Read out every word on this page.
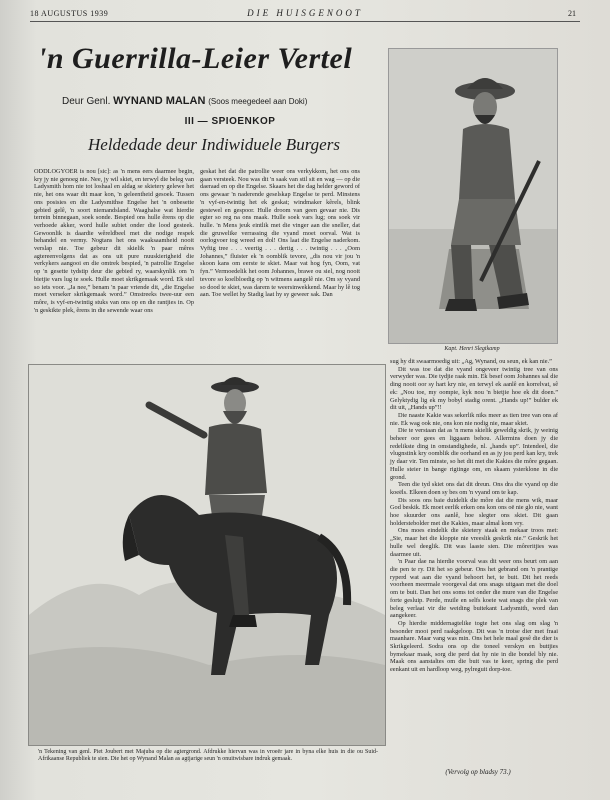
18 AUGUSTUS 1939	DIE HUISGENOOT	21
'n Guerrilla-Leier Vertel
Deur Genl. WYNAND MALAN (Soos meegedeel aan Doki)
III — SPIOENKOP
Heldedade deur Indiwiduele Burgers
Kapt. Henri Slegtkamp

ODDLOGYOER is nou [sic]: as 'n mens eers daarmee begin, kry jy nie genoeg nie. Nee, jy wil skiet, en terwyl die beleg van Ladysmith hom nie tot loshaal en aldag se skietery gelewe het nie, het ons waar dit maar kon, 'n geleentheid gesoek. Tussen ons posisies en die Ladysmithse Engelse het 'n onbesette gebied gelê, 'n soort niemandsland. Waaghalse wat hierdie terrein binnegaan, soek sonde. Bespied ons hulle êrens op die verhoede akker, word hulle subiet onder die lood gesteek. Gewoonlik is daardie wêreldbeel met die nodige respek behandel en vermy. Nogtans het ons waaksaamheid nooit verslap nie. Toe gebeur dit skielik 'n paar mêres agtereenvolgens dat as ons uit pure nuuskierigheid die verkykers aangooi en die omtrek bespied, 'n patrollie Engelse op 'n gesette tydstip deur die gebied ry, waarskynlik om 'n bietjie vars lug te soek. Hulle moet skrikgemaak word. Ek stel so iets voor. „Ja nee,” benam 'n paar vriende dit, „die Engelse moet verseker skrikgemaak word.” Omstreeks twee-uur een môre, is vyf-en-twintig stuks van ons op en die rantjies in. Op 'n geskikte plek, êrens in die sewende waar ons

geskat het dat die patrollie weer ons verkykkom, het ons ons gaan versteek. Nou was dit 'n saak van stil sit en wag — op die daeraad en op die Engelse. Skaars het die dag helder geword of ons gewaar 'n naderende geselskap Engelse te perd. Minstens 'n vyf-en-twintig het ek geskat; windmaker kêrels, blink gestewel en gespoor. Hulle droom van geen gevaar nie. Dis egter so reg na ons maak. Hulle soek vars lug; ons soek vir hulle. 'n Mens jeuk eintlik met die vinger aan die sneller, dat die gruwelike verrassing die vyand moet oorval. Wat is oorlogvoer tog wreed en dol! Ons laat die Engelse naderkom. Vyftig tree . . . veertig . . . dertig . . . twintig . . . „Oom Johannes,” fluister ek 'n oomblik tevore, „dis nou vir jou 'n skoon kans om eerste te skiet. Maar vat hog fyn, Oom, vat fyn.” Vermoedelik het oom Johannes, brawe ou siel, nog nooit tevore so koelbloedig op 'n witmens aangelê nie. Om sy vyand so dood te skiet, was darem te weersinwekkend. Maar hy lê tog aan. Toe wellet hy Stadig laat hy sy geweer sak. Dan

sug hy dit swaarmoedig uit: „Ag, Wynand, ou seun, ek kan nie.”

Dit was toe dat die vyand ongeveer twintig tree van ons verwyder was. Die tydjie raak min. Ek besef oom Johannes sal die ding nooit oor sy hart kry nie, en terwyl ek aanlê en korrelvat, sê ek: „Nou toe, my oompie, kyk nou 'n bietjie hoe ek dit doen.” Gelyktydig lig ek my bobyl stadig orent. „Hands up!” bulder ek dit uit, „Hands up”!!

Die naaste Kakie was sekerlik niks meer as tien tree van ons af nie. Ek wag ook nie, ons kon nie nodig nie, maar skiet.

Die te verstaan dat as 'n mens skielik geweldig skrik, jy weinig beheer oor gees en liggaam behou. Allermins doen jy die redelikste ding in omstandighede, nl. „hands up”. Intendeel, die vlugnstink kry oomblik die oorhand en as jy jou perd kan kry, trek jy daar vir. Ten minste, so het dit met die Kakies die môre gegaan. Hulle steier in bange rigtinge om, en skaam ysterklone in die grond.

Teen die tyd skiet ons dat dit dreun. Ons dra die vyand op die koeëls. Elkeen doen sy bes om 'n vyand om te kap.

Dis soos ons baie duidelik die môre dat die mens wik, maar God beskik. Ek moet eerlik erken ons kon ons oë nie glo nie, want hoe skuurder ons aanlê, hoe slegter ons skiet. Dit gaan holderstebolder met die Kakies, maar almal kom vry.

Ons moes eindelik die skietery staak en mekaar troos met: „Sie, maar het die kloppie nie vreeslik geskrik nie.” Geskrik het hulle wel deeglik. Dit was laaste sien. Die môreritjies was daarmee uit.

'n Paar dae na hierdie voorval was dit weer ons beurt om aan die pen te ry. Dit het so gebeur. Ons het gebrand om 'n prantige ryperd wat aan die vyand behoort het, te buit. Dit het reeds voorheen meermale voorgeval dat ons snags uitgaan met die doel om te buit. Dan het ons soms tot onder die mure van die Engelse forte gesluip. Perde, muile en selfs koeie wat snags die plek van beleg verlaat vir die weiding buitekant Ladysmith, word dan aangekeer.

Op hierdie middernagtelike togte het ons slag om slag 'n besonder mooi perd raakgeloop. Dit was 'n trotse dier met fraai maanhare. Maar vang was min. Ons het hele maal gesê die dier is Skrikgeleerd. Sodra ons op die toneel verskyn en buttjies bymekaar maak, sorg die perd dat hy nie in die bondel bly nie. Maak ons aanstaltes om die buit vas te keer, spring die perd eenkant uit en hardloop weg, pylreguit dorp-toe.

'n Tekening van genl. Piet Joubert met Majuba op die agtergrond. Afdrukke hiervan was in vroeër jare in byna elke huis in die ou Suid-Afrikaanse Republiek te sien. Die het op Wynand Malan as agtjarige seun 'n onuitwisbare indruk gemaak.
(Vervolg op bladsy 73.)
